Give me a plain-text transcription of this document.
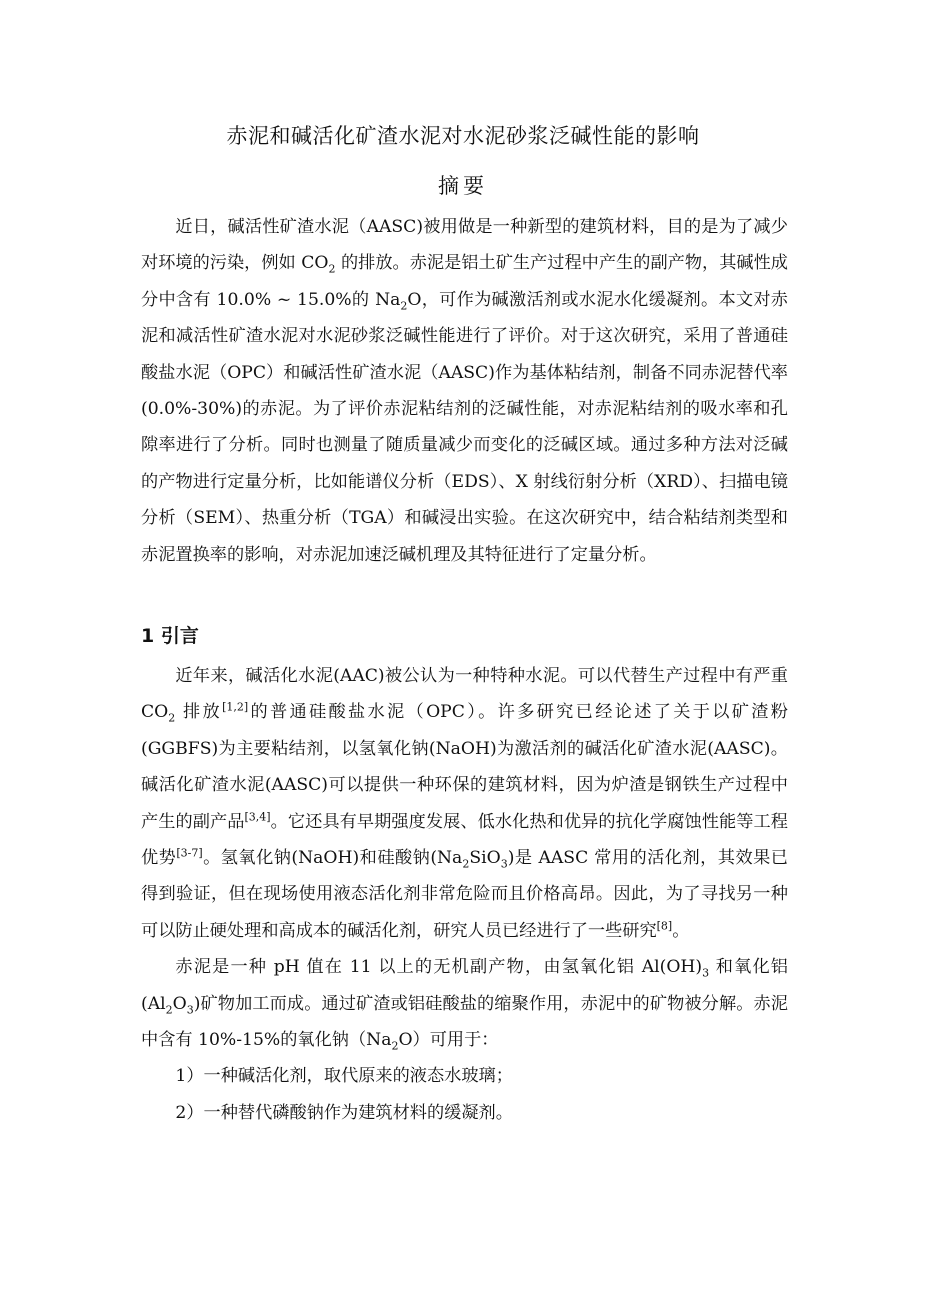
赤泥和碱活化矿渣水泥对水泥砂浆泛碱性能的影响
摘要

近日，碱活性矿渣水泥（AASC)被用做是一种新型的建筑材料，目的是为了减少对环境的污染，例如 $CO_2$ 的排放。赤泥是铝土矿生产过程中产生的副产物，其碱性成分中含有 10.0% ~ 15.0%的 $Na_2O$，可作为碱激活剂或水泥水化缓凝剂。本文对赤泥和减活性矿渣水泥对水泥砂浆泛碱性能进行了评价。对于这次研究，采用了普通硅酸盐水泥（OPC）和碱活性矿渣水泥（AASC)作为基体粘结剂，制备不同赤泥替代率(0.0%-30%)的赤泥。为了评价赤泥粘结剂的泛碱性能，对赤泥粘结剂的吸水率和孔隙率进行了分析。同时也测量了随质量减少而变化的泛碱区域。通过多种方法对泛碱的产物进行定量分析，比如能谱仪分析（EDS）、X 射线衍射分析（XRD）、扫描电镜分析（SEM）、热重分析（TGA）和碱浸出实验。在这次研究中，结合粘结剂类型和赤泥置换率的影响，对赤泥加速泛碱机理及其特征进行了定量分析。

1 引言

近年来，碱活化水泥(AAC)被公认为一种特种水泥。可以代替生产过程中有严重 $CO_2$ 排放[1,2]的普通硅酸盐水泥（OPC）。许多研究已经论述了关于以矿渣粉(GGBFS)为主要粘结剂，以氢氧化钠(NaOH)为激活剂的碱活化矿渣水泥(AASC)。碱活化矿渣水泥(AASC)可以提供一种环保的建筑材料，因为炉渣是钢铁生产过程中产生的副产品[3,4]。它还具有早期强度发展、低水化热和优异的抗化学腐蚀性能等工程优势[3-7]。氢氧化钠(NaOH)和硅酸钠$(Na_2SiO_3)$是 AASC 常用的活化剂，其效果已得到验证，但在现场使用液态活化剂非常危险而且价格高昂。因此，为了寻找另一种可以防止硬处理和高成本的碱活化剂，研究人员已经进行了一些研究[8]。

赤泥是一种 pH 值在 11 以上的无机副产物，由氢氧化铝 $Al(OH)_3$ 和氧化铝$(Al_2O_3)$矿物加工而成。通过矿渣或铝硅酸盐的缩聚作用，赤泥中的矿物被分解。赤泥中含有 10%-15%的氧化钠$(Na_2O)$可用于：

1）一种碱活化剂，取代原来的液态水玻璃；

2）一种替代磷酸钠作为建筑材料的缓凝剂。
